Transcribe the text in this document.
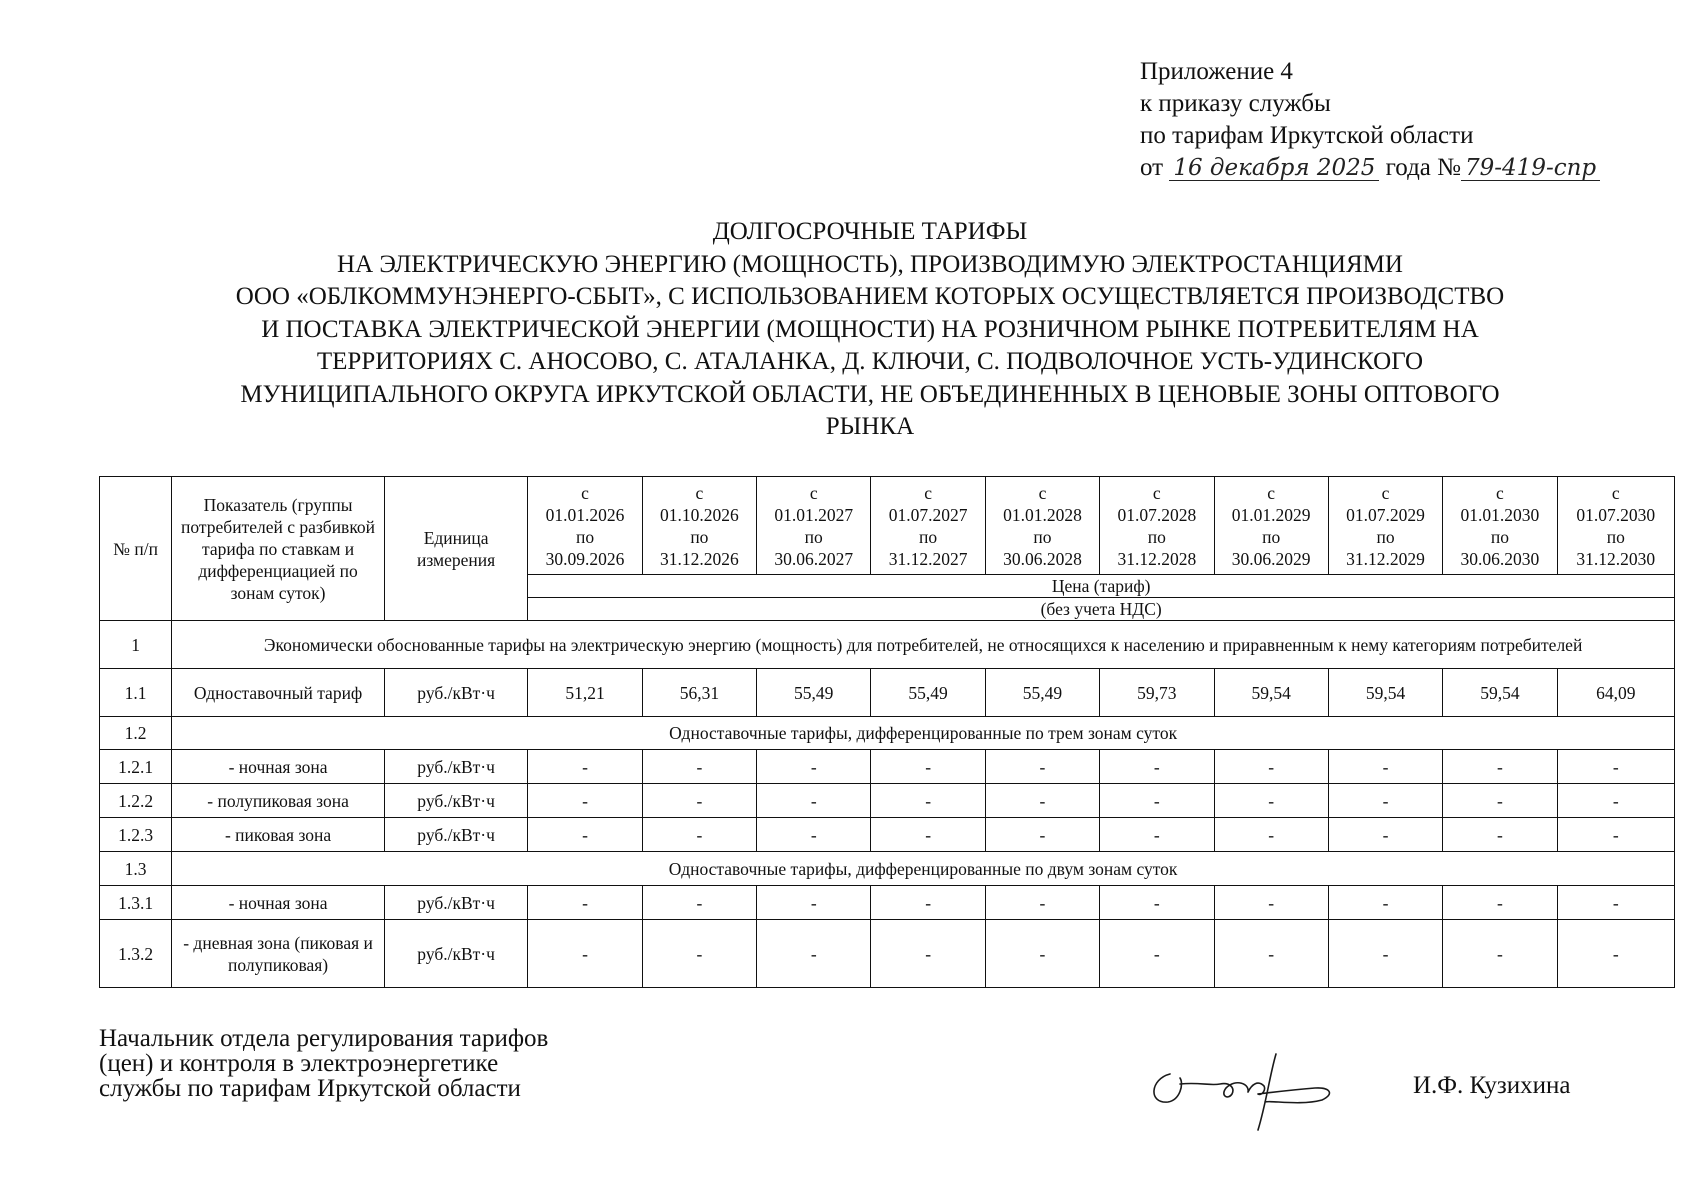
Приложение 4
к приказу службы
по тарифам Иркутской области
от 16 декабря 2025 года № 79-419-спр
ДОЛГОСРОЧНЫЕ ТАРИФЫ
НА ЭЛЕКТРИЧЕСКУЮ ЭНЕРГИЮ (МОЩНОСТЬ), ПРОИЗВОДИМУЮ ЭЛЕКТРОСТАНЦИЯМИ
ООО «ОБЛКОММУНЭНЕРГО-СБЫТ», С ИСПОЛЬЗОВАНИЕМ КОТОРЫХ ОСУЩЕСТВЛЯЕТСЯ ПРОИЗВОДСТВО
И ПОСТАВКА ЭЛЕКТРИЧЕСКОЙ ЭНЕРГИИ (МОЩНОСТИ) НА РОЗНИЧНОМ РЫНКЕ ПОТРЕБИТЕЛЯМ НА
ТЕРРИТОРИЯХ С. АНОСОВО, С. АТАЛАНКА, Д. КЛЮЧИ, С. ПОДВОЛОЧНОЕ УСТЬ-УДИНСКОГО
МУНИЦИПАЛЬНОГО ОКРУГА ИРКУТСКОЙ ОБЛАСТИ, НЕ ОБЪЕДИНЕННЫХ В ЦЕНОВЫЕ ЗОНЫ ОПТОВОГО
РЫНКА
№ п/п	Показатель (группы потребителей с разбивкой тарифа по ставкам и дифференциацией по зонам суток)	Единица измерения	с
01.01.2026
по
30.09.2026	с
01.10.2026
по
31.12.2026	с
01.01.2027
по
30.06.2027	с
01.07.2027
по
31.12.2027	с
01.01.2028
по
30.06.2028	с
01.07.2028
по
31.12.2028	с
01.01.2029
по
30.06.2029	с
01.07.2029
по
31.12.2029	с
01.01.2030
по
30.06.2030	с
01.07.2030
по
31.12.2030

			Цена (тариф)									
			(без учета НДС)									
1	Экономически обоснованные тарифы на электрическую энергию (мощность) для потребителей, не относящихся к населению и приравненным к нему категориям потребителей											
1.1	Одноставочный тариф	руб./кВт·ч	51,21	56,31	55,49	55,49	55,49	59,73	59,54	59,54	59,54	64,09
1.2	Одноставочные тарифы, дифференцированные по трем зонам суток											
1.2.1	- ночная зона	руб./кВт·ч	-	-	-	-	-	-	-	-	-	-
1.2.2	- полупиковая зона	руб./кВт·ч	-	-	-	-	-	-	-	-	-	-
1.2.3	- пиковая зона	руб./кВт·ч	-	-	-	-	-	-	-	-	-	-
1.3	Одноставочные тарифы, дифференцированные по двум зонам суток											
1.3.1	- ночная зона	руб./кВт·ч	-	-	-	-	-	-	-	-	-	-
1.3.2	- дневная зона (пиковая и полупиковая)	руб./кВт·ч	-	-	-	-	-	-	-	-	-	-
Начальник отдела регулирования тарифов
(цен) и контроля в электроэнергетике
службы по тарифам Иркутской области	И.Ф. Кузихина
